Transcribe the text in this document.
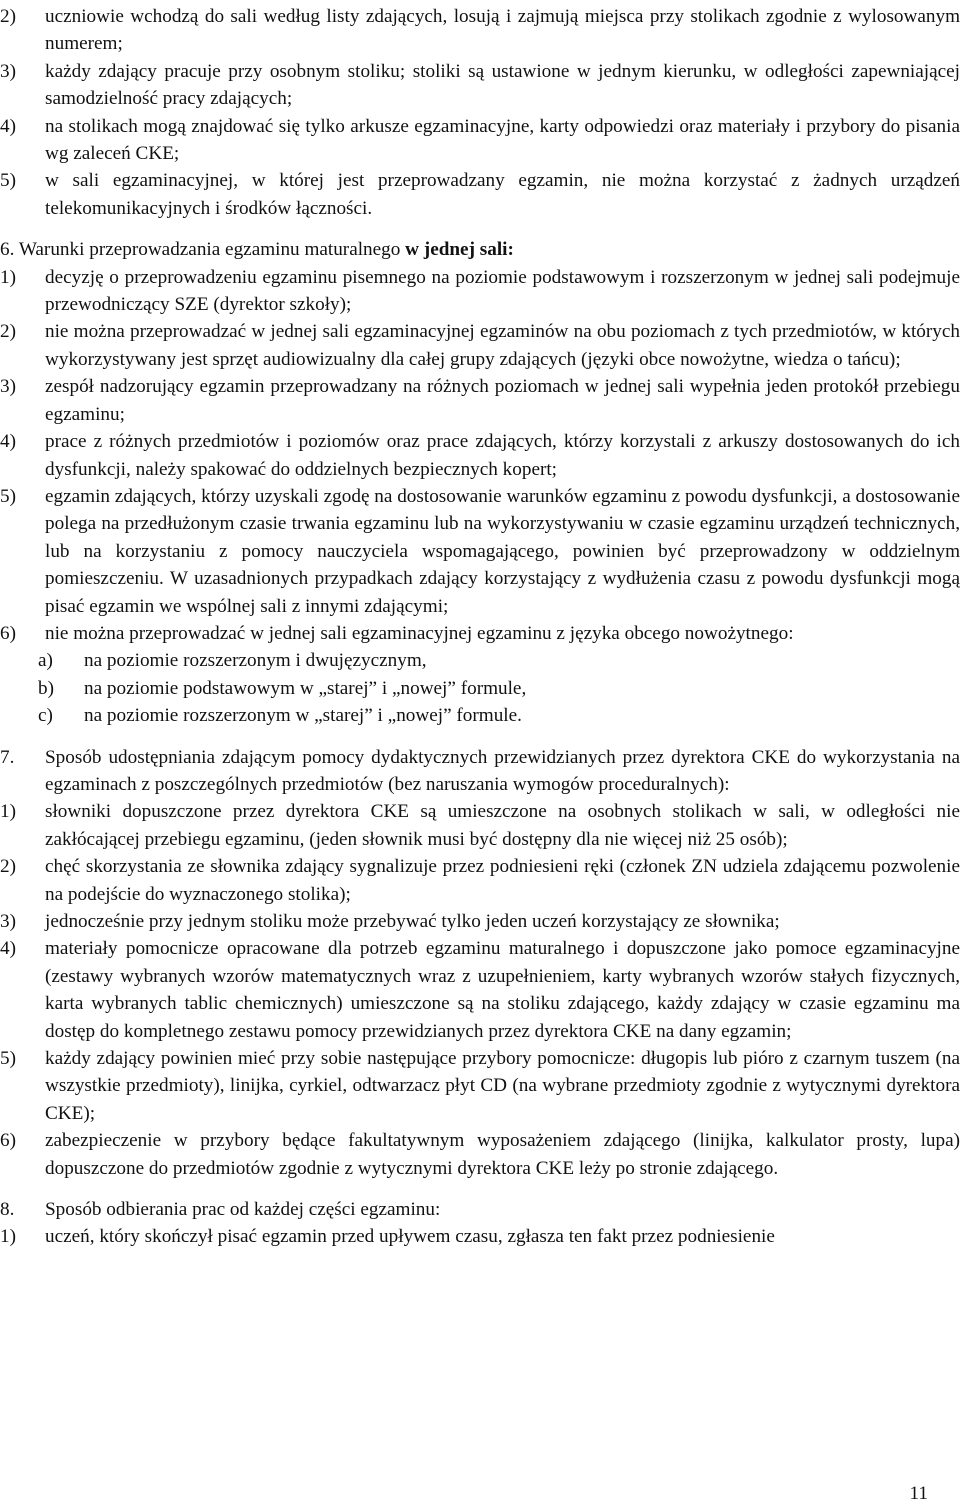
2) uczniowie wchodzą do sali według listy zdających, losują i zajmują miejsca przy stolikach zgodnie z wylosowanym numerem;
3) każdy zdający pracuje przy osobnym stoliku; stoliki są ustawione w jednym kierunku, w odległości zapewniającej samodzielność pracy zdających;
4) na stolikach mogą znajdować się tylko arkusze egzaminacyjne, karty odpowiedzi oraz materiały i przybory do pisania wg zaleceń CKE;
5) w sali egzaminacyjnej, w której jest przeprowadzany egzamin, nie można korzystać z żadnych urządzeń telekomunikacyjnych i środków łączności.
6. Warunki przeprowadzania egzaminu maturalnego w jednej sali:
1) decyzję o przeprowadzeniu egzaminu pisemnego na poziomie podstawowym i rozszerzonym w jednej sali podejmuje przewodniczący SZE (dyrektor szkoły);
2) nie można przeprowadzać w jednej sali egzaminacyjnej egzaminów na obu poziomach z tych przedmiotów, w których wykorzystywany jest sprzęt audiowizualny dla całej grupy zdających (języki obce nowożytne, wiedza o tańcu);
3) zespół nadzorujący egzamin przeprowadzany na różnych poziomach w jednej sali wypełnia jeden protokół przebiegu egzaminu;
4) prace z różnych przedmiotów i poziomów oraz prace zdających, którzy korzystali z arkuszy dostosowanych do ich dysfunkcji, należy spakować do oddzielnych bezpiecznych kopert;
5) egzamin zdających, którzy uzyskali zgodę na dostosowanie warunków egzaminu z powodu dysfunkcji, a dostosowanie polega na przedłużonym czasie trwania egzaminu lub na wykorzystywaniu w czasie egzaminu urządzeń technicznych, lub na korzystaniu z pomocy nauczyciela wspomagającego, powinien być przeprowadzony w oddzielnym pomieszczeniu. W uzasadnionych przypadkach zdający korzystający z wydłużenia czasu z powodu dysfunkcji mogą pisać egzamin we wspólnej sali z innymi zdającymi;
6) nie można przeprowadzać w jednej sali egzaminacyjnej egzaminu z języka obcego nowożytnego:
a) na poziomie rozszerzonym i dwujęzycznym,
b) na poziomie podstawowym w „starej” i „nowej” formule,
c) na poziomie rozszerzonym w „starej” i „nowej” formule.
7. Sposób udostępniania zdającym pomocy dydaktycznych przewidzianych przez dyrektora CKE do wykorzystania na egzaminach z poszczególnych przedmiotów (bez naruszania wymogów proceduralnych):
1) słowniki dopuszczone przez dyrektora CKE są umieszczone na osobnych stolikach w sali, w odległości nie zakłócającej przebiegu egzaminu, (jeden słownik musi być dostępny dla nie więcej niż 25 osób);
2) chęć skorzystania ze słownika zdający sygnalizuje przez podniesieni ręki (członek ZN udziela zdającemu pozwolenie na podejście do wyznaczonego stolika);
3) jednocześnie przy jednym stoliku może przebywać tylko jeden uczeń korzystający ze słownika;
4) materiały pomocnicze opracowane dla potrzeb egzaminu maturalnego i dopuszczone jako pomoce egzaminacyjne (zestawy wybranych wzorów matematycznych wraz z uzupełnieniem, karty wybranych wzorów stałych fizycznych, karta wybranych tablic chemicznych) umieszczone są na stoliku zdającego, każdy zdający w czasie egzaminu ma dostęp do kompletnego zestawu pomocy przewidzianych przez dyrektora CKE na dany egzamin;
5) każdy zdający powinien mieć przy sobie następujące przybory pomocnicze: długopis lub pióro z czarnym tuszem (na wszystkie przedmioty), linijka, cyrkiel, odtwarzacz płyt CD (na wybrane przedmioty zgodnie z wytycznymi dyrektora CKE);
6) zabezpieczenie w przybory będące fakultatywnym wyposażeniem zdającego (linijka, kalkulator prosty, lupa) dopuszczone do przedmiotów zgodnie z wytycznymi dyrektora CKE leży po stronie zdającego.
8. Sposób odbierania prac od każdej części egzaminu:
1) uczeń, który skończył pisać egzamin przed upływem czasu, zgłasza ten fakt przez podniesienie
11
